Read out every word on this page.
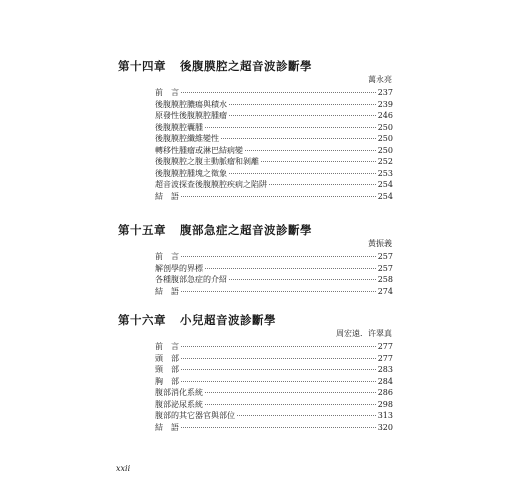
第十四章 後腹膜腔之超音波診斷學
萬永亮
前　言	237
後腹膜腔膿瘍與積水	239
原發性後腹膜腔腫瘤	246
後腹膜腔囊腫	250
後腹膜腔纖維變性	250
轉移性腫瘤或淋巴結病變	250
後腹膜腔之腹主動脈瘤和剝離	252
後腹膜腔腫塊之徵象	253
超音波探查後腹膜腔疾病之陷阱	254
結　語	254
第十五章 腹部急症之超音波診斷學
黃振義
前　言	257
解剖學的界標	257
各種腹部急症的介紹	258
結　語	274
第十六章 小兒超音波診斷學
周宏遠．许翠真
前　言	277
頭　部	277
頸　部	283
胸　部	284
腹部消化系統	286
腹部泌尿系統	298
腹部的其它器官與部位	313
結　語	320
xxii
